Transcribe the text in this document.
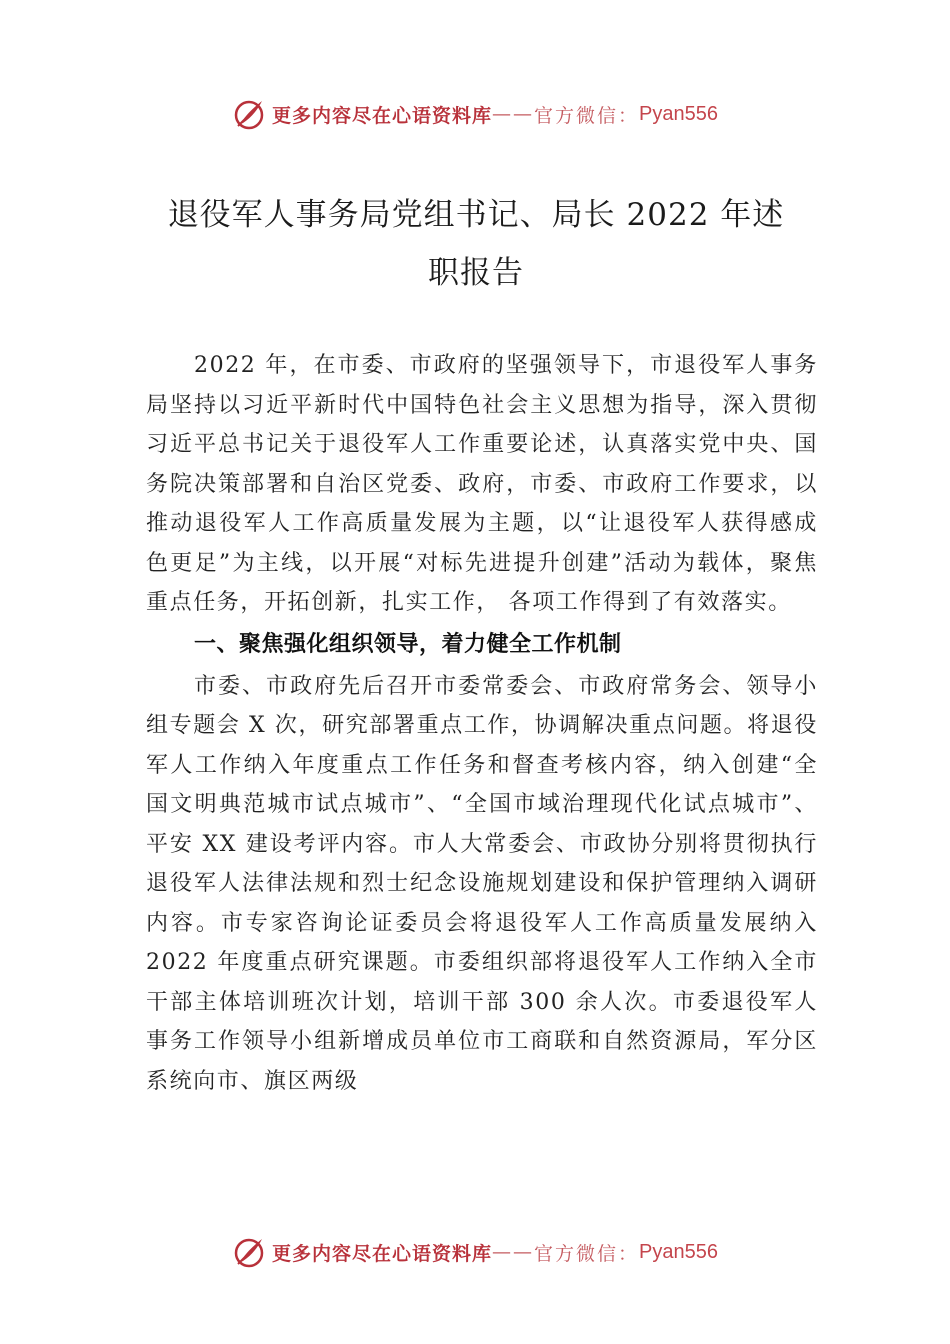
更多内容尽在心语资料库 —— 官方微信： Pyan556
退役军人事务局党组书记、局长 2022 年述
职报告

2022 年，在市委、市政府的坚强领导下，市退役军人事务局坚持以习近平新时代中国特色社会主义思想为指导，深入贯彻习近平总书记关于退役军人工作重要论述，认真落实党中央、国务院决策部署和自治区党委、政府，市委、市政府工作要求，以推动退役军人工作高质量发展为主题，以“让退役军人获得感成色更足”为主线，以开展“对标先进提升创建”活动为载体，聚焦重点任务，开拓创新，扎实工作， 各项工作得到了有效落实。

一、聚焦强化组织领导，着力健全工作机制

市委、市政府先后召开市委常委会、市政府常务会、领导小组专题会 X 次，研究部署重点工作，协调解决重点问题。将退役军人工作纳入年度重点工作任务和督查考核内容，纳入创建“全国文明典范城市试点城市”、“全国市域治理现代化试点城市”、平安 XX 建设考评内容。市人大常委会、市政协分别将贯彻执行退役军人法律法规和烈士纪念设施规划建设和保护管理纳入调研内容。市专家咨询论证委员会将退役军人工作高质量发展纳入 2022 年度重点研究课题。市委组织部将退役军人工作纳入全市干部主体培训班次计划，培训干部 300 余人次。市委退役军人事务工作领导小组新增成员单位市工商联和自然资源局，军分区系统向市、旗区两级

更多内容尽在心语资料库 —— 官方微信： Pyan556
